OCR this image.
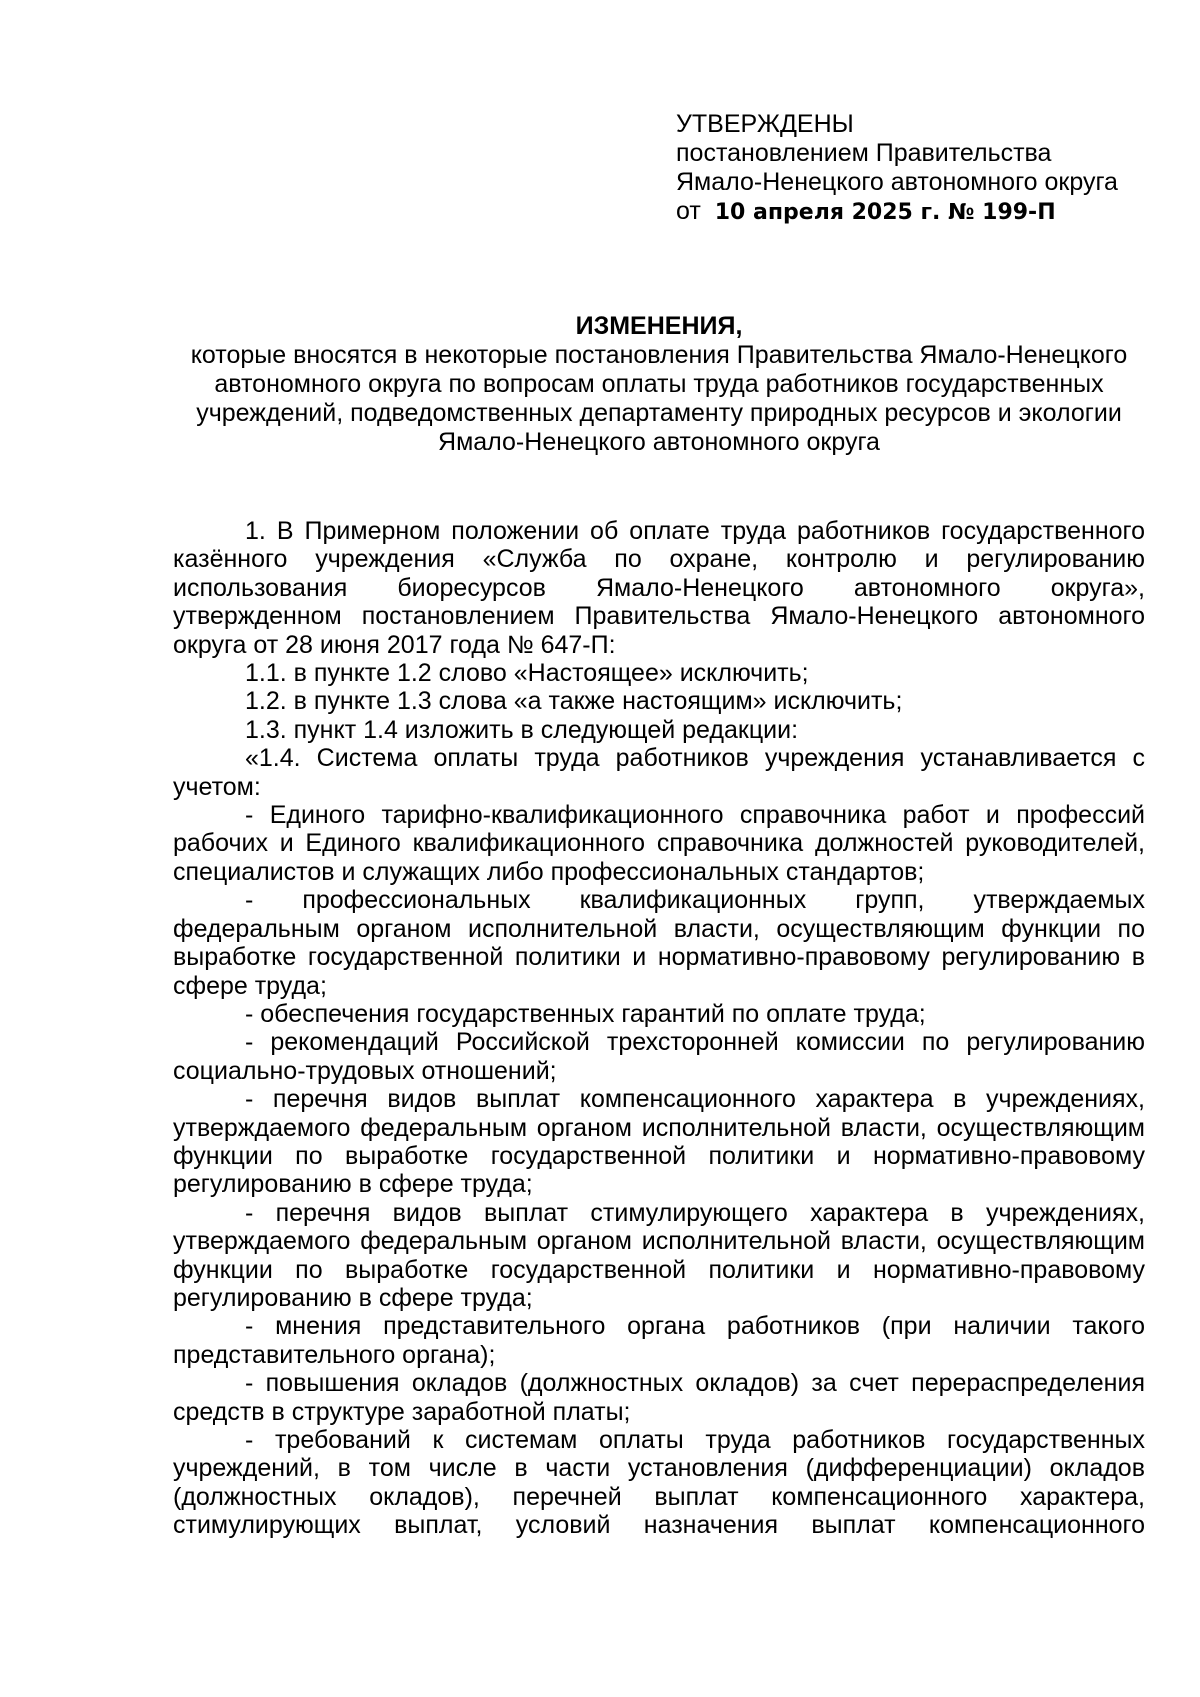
УТВЕРЖДЕНЫ

постановлением Правительства

Ямало-Ненецкого автономного округа

от 10 апреля 2025 г. № 199-П

ИЗМЕНЕНИЯ,

которые вносятся в некоторые постановления Правительства Ямало-Ненецкого автономного округа по вопросам оплаты труда работников государственных учреждений, подведомственных департаменту природных ресурсов и экологии Ямало-Ненецкого автономного округа

1. В Примерном положении об оплате труда работников государственного казённого учреждения «Служба по охране, контролю и регулированию использования биоресурсов Ямало-Ненецкого автономного округа», утвержденном постановлением Правительства Ямало-Ненецкого автономного округа от 28 июня 2017 года № 647-П:

1.1. в пункте 1.2 слово «Настоящее» исключить;

1.2. в пункте 1.3 слова «а также настоящим» исключить;

1.3. пункт 1.4 изложить в следующей редакции:

«1.4. Система оплаты труда работников учреждения устанавливается с учетом:

- Единого тарифно-квалификационного справочника работ и профессий рабочих и Единого квалификационного справочника должностей руководителей, специалистов и служащих либо профессиональных стандартов;

- профессиональных квалификационных групп, утверждаемых федеральным органом исполнительной власти, осуществляющим функции по выработке государственной политики и нормативно-правовому регулированию в сфере труда;

- обеспечения государственных гарантий по оплате труда;

- рекомендаций Российской трехсторонней комиссии по регулированию социально-трудовых отношений;

- перечня видов выплат компенсационного характера в учреждениях, утверждаемого федеральным органом исполнительной власти, осуществляющим функции по выработке государственной политики и нормативно-правовому регулированию в сфере труда;

- перечня видов выплат стимулирующего характера в учреждениях, утверждаемого федеральным органом исполнительной власти, осуществляющим функции по выработке государственной политики и нормативно-правовому регулированию в сфере труда;

- мнения представительного органа работников (при наличии такого представительного органа);

- повышения окладов (должностных окладов) за счет перераспределения средств в структуре заработной платы;

- требований к системам оплаты труда работников государственных учреждений, в том числе в части установления (дифференциации) окладов (должностных окладов), перечней выплат компенсационного характера, стимулирующих выплат, условий назначения выплат компенсационного
